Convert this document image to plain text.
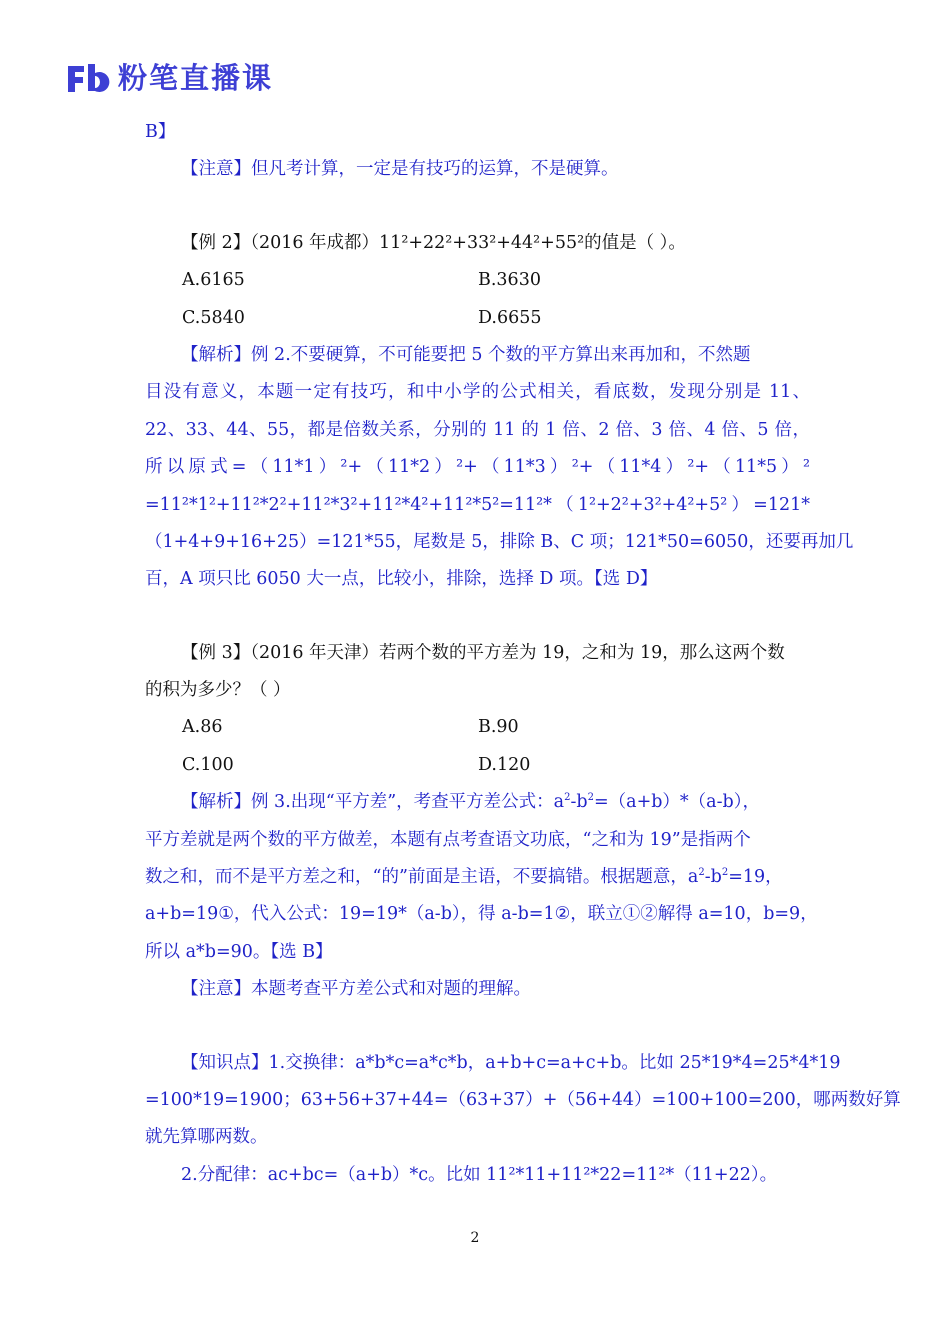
粉笔直播课
B】
【注意】但凡考计算，一定是有技巧的运算，不是硬算。
【例 2】（2016 年成都）11²+22²+33²+44²+55²的值是（ ）。
A.6165	B.3630
C.5840	D.6655
【解析】例 2.不要硬算，不可能要把 5 个数的平方算出来再加和，不然题
目没有意义，本题一定有技巧，和中小学的公式相关，看底数，发现分别是 11、
22、33、44、55，都是倍数关系，分别的 11 的 1 倍、2 倍、3 倍、4 倍、5 倍，
所以原式=（11*1）²+（11*2）²+（11*3）²+（11*4）²+（11*5）²
=11²*1²+11²*2²+11²*3²+11²*4²+11²*5²=11²*（1²+2²+3²+4²+5²）=121*
（1+4+9+16+25）=121*55，尾数是 5，排除 B、C 项；121*50=6050，还要再加几
百，A 项只比 6050 大一点，比较小，排除，选择 D 项。【选 D】
【例 3】（2016 年天津）若两个数的平方差为 19，之和为 19，那么这两个数
的积为多少？（ ）
A.86	B.90
C.100	D.120
【解析】例 3.出现“平方差”，考查平方差公式：$a^2-b^2=(a+b)*(a-b)$，
平方差就是两个数的平方做差，本题有点考查语文功底，“之和为 19”是指两个
数之和，而不是平方差之和，“的”前面是主语，不要搞错。根据题意，$a^2-b^2=19$，
a+b=19①，代入公式：19=19*（a-b），得 a-b=1②，联立①②解得 a=10，b=9，
所以 a*b=90。【选 B】
【注意】本题考查平方差公式和对题的理解。
【知识点】1.交换律：a*b*c=a*c*b，a+b+c=a+c+b。比如 25*19*4=25*4*19
=100*19=1900；63+56+37+44=（63+37）+（56+44）=100+100=200，哪两数好算
就先算哪两数。
2.分配律：ac+bc=（a+b）*c。比如 11²*11+11²*22=11²*（11+22）。
2
